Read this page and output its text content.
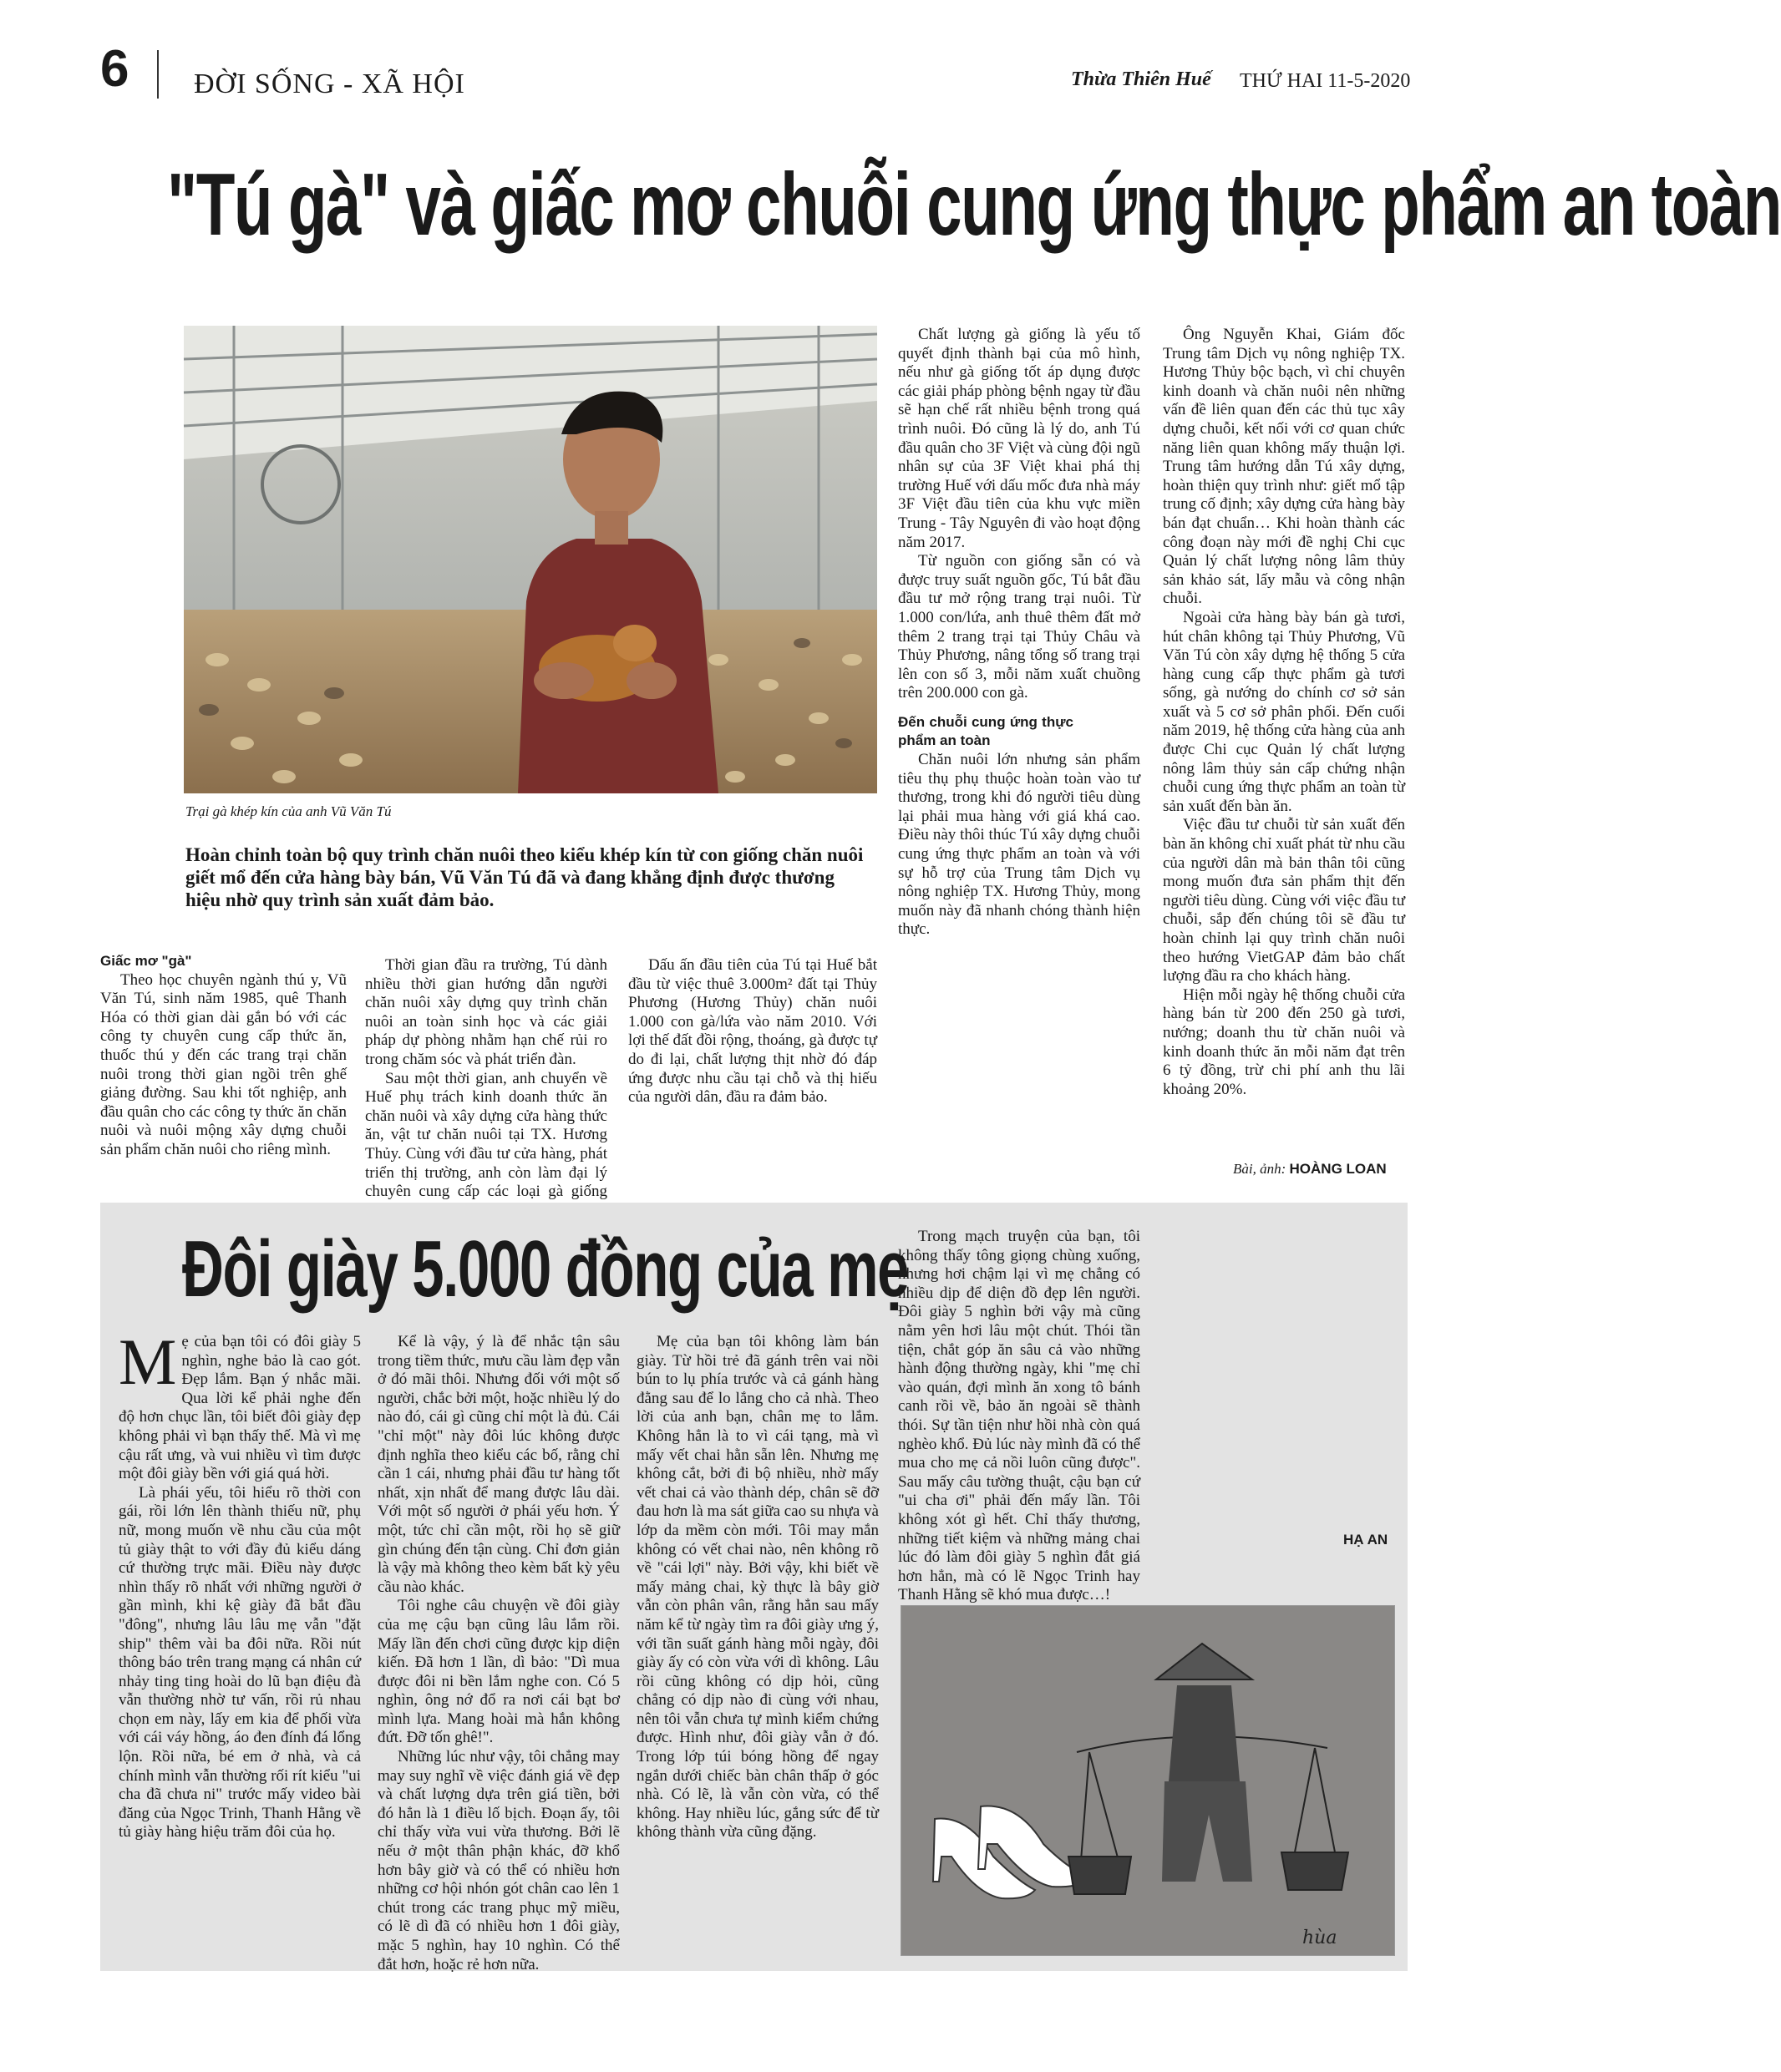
6 ĐỜI SỐNG - XÃ HỘI	Thừa Thiên Huế THỨ HAI 11-5-2020
"Tú gà" và giấc mơ chuỗi cung ứng thực phẩm an toàn
Trại gà khép kín của anh Vũ Văn Tú
Hoàn chỉnh toàn bộ quy trình chăn nuôi theo kiểu khép kín từ con giống chăn nuôi giết mổ đến cửa hàng bày bán, Vũ Văn Tú đã và đang khẳng định được thương hiệu nhờ quy trình sản xuất đảm bảo.

Giấc mơ "gà"

Theo học chuyên ngành thú y, Vũ Văn Tú, sinh năm 1985, quê Thanh Hóa có thời gian dài gắn bó với các công ty chuyên cung cấp thức ăn, thuốc thú y đến các trang trại chăn nuôi trong thời gian ngồi trên ghế giảng đường. Sau khi tốt nghiệp, anh đầu quân cho các công ty thức ăn chăn nuôi và nuôi mộng xây dựng chuỗi sản phẩm chăn nuôi cho riêng mình.

Thời gian đầu ra trường, Tú dành nhiều thời gian hướng dẫn người chăn nuôi xây dựng quy trình chăn nuôi an toàn sinh học và các giải pháp dự phòng nhằm hạn chế rủi ro trong chăm sóc và phát triển đàn.

Sau một thời gian, anh chuyển về Huế phụ trách kinh doanh thức ăn chăn nuôi và xây dựng cửa hàng thức ăn, vật tư chăn nuôi tại TX. Hương Thủy. Cùng với đầu tư cửa hàng, phát triển thị trường, anh còn làm đại lý chuyên cung cấp các loại gà giống

Dấu ấn đầu tiên của Tú tại Huế bắt đầu từ việc thuê 3.000m² đất tại Thủy Phương (Hương Thủy) chăn nuôi 1.000 con gà/lứa vào năm 2010. Với lợi thế đất đồi rộng, thoáng, gà được tự do đi lại, chất lượng thịt nhờ đó đáp ứng được nhu cầu tại chỗ và thị hiếu của người dân, đầu ra đảm bảo.

Chất lượng gà giống là yếu tố quyết định thành bại của mô hình, nếu như gà giống tốt áp dụng được các giải pháp phòng bệnh ngay từ đầu sẽ hạn chế rất nhiều bệnh trong quá trình nuôi. Đó cũng là lý do, anh Tú đầu quân cho 3F Việt và cùng đội ngũ nhân sự của 3F Việt khai phá thị trường Huế với dấu mốc đưa nhà máy 3F Việt đầu tiên của khu vực miền Trung - Tây Nguyên đi vào hoạt động năm 2017.

Từ nguồn con giống sẵn có và được truy suất nguồn gốc, Tú bắt đầu đầu tư mở rộng trang trại nuôi. Từ 1.000 con/lứa, anh thuê thêm đất mở thêm 2 trang trại tại Thủy Châu và Thủy Phương, nâng tổng số trang trại lên con số 3, mỗi năm xuất chuồng trên 200.000 con gà.

Đến chuỗi cung ứng thực phẩm an toàn

Chăn nuôi lớn nhưng sản phẩm tiêu thụ phụ thuộc hoàn toàn vào tư thương, trong khi đó người tiêu dùng lại phải mua hàng với giá khá cao. Điều này thôi thúc Tú xây dựng chuỗi cung ứng thực phẩm an toàn và với sự hỗ trợ của Trung tâm Dịch vụ nông nghiệp TX. Hương Thủy, mong muốn này đã nhanh chóng thành hiện thực.

Ông Nguyễn Khai, Giám đốc Trung tâm Dịch vụ nông nghiệp TX. Hương Thủy bộc bạch, vì chỉ chuyên kinh doanh và chăn nuôi nên những vấn đề liên quan đến các thủ tục xây dựng chuỗi, kết nối với cơ quan chức năng liên quan không mấy thuận lợi. Trung tâm hướng dẫn Tú xây dựng, hoàn thiện quy trình như: giết mổ tập trung cố định; xây dựng cửa hàng bày bán đạt chuẩn… Khi hoàn thành các công đoạn này mới đề nghị Chi cục Quản lý chất lượng nông lâm thủy sản khảo sát, lấy mẫu và công nhận chuỗi.

Ngoài cửa hàng bày bán gà tươi, hút chân không tại Thủy Phương, Vũ Văn Tú còn xây dựng hệ thống 5 cửa hàng cung cấp thực phẩm gà tươi sống, gà nướng do chính cơ sở sản xuất và 5 cơ sở phân phối. Đến cuối năm 2019, hệ thống cửa hàng của anh được Chi cục Quản lý chất lượng nông lâm thủy sản cấp chứng nhận chuỗi cung ứng thực phẩm an toàn từ sản xuất đến bàn ăn.

Việc đầu tư chuỗi từ sản xuất đến bàn ăn không chỉ xuất phát từ nhu cầu của người dân mà bản thân tôi cũng mong muốn đưa sản phẩm thịt đến người tiêu dùng. Cùng với việc đầu tư chuỗi, sắp đến chúng tôi sẽ đầu tư hoàn chỉnh lại quy trình chăn nuôi theo hướng VietGAP đảm bảo chất lượng đầu ra cho khách hàng.

Hiện mỗi ngày hệ thống chuỗi cửa hàng bán từ 200 đến 250 gà tươi, nướng; doanh thu từ chăn nuôi và kinh doanh thức ăn mỗi năm đạt trên 6 tỷ đồng, trừ chi phí anh thu lãi khoảng 20%.

Bài, ảnh: HOÀNG LOAN
Đôi giày 5.000 đồng của mẹ

Mẹ của bạn tôi có đôi giày 5 nghìn, nghe bảo là cao gót. Đẹp lắm. Bạn ý nhắc mãi. Qua lời kể phải nghe đến độ hơn chục lần, tôi biết đôi giày đẹp không phải vì bạn thấy thế. Mà vì mẹ cậu rất ưng, và vui nhiều vì tìm được một đôi giày bền với giá quá hời.

Là phái yếu, tôi hiểu rõ thời con gái, rồi lớn lên thành thiếu nữ, phụ nữ, mong muốn về nhu cầu của một tủ giày thật to với đầy đủ kiểu dáng cứ thường trực mãi. Điều này được nhìn thấy rõ nhất với những người ở gần mình, khi kệ giày đã bắt đầu "đông", nhưng lâu lâu mẹ vẫn "đặt ship" thêm vài ba đôi nữa. Rồi nút thông báo trên trang mạng cá nhân cứ nhảy ting ting hoài do lũ bạn điệu đà vẫn thường nhờ tư vấn, rồi rủ nhau chọn em này, lấy em kia để phối vừa với cái váy hồng, áo đen đính đá lổng lộn. Rồi nữa, bé em ở nhà, và cả chính mình vẫn thường rối rít kiểu "ui cha đã chưa ni" trước mấy video bài đăng của Ngọc Trinh, Thanh Hằng về tủ giày hàng hiệu trăm đôi của họ.

Kể là vậy, ý là để nhắc tận sâu trong tiềm thức, mưu cầu làm đẹp vẫn ở đó mãi thôi. Nhưng đối với một số người, chắc bởi một, hoặc nhiều lý do nào đó, cái gì cũng chỉ một là đủ. Cái "chỉ một" này đôi lúc không được định nghĩa theo kiểu các bố, rằng chỉ cần 1 cái, nhưng phải đầu tư hàng tốt nhất, xịn nhất để mang được lâu dài. Với một số người ở phái yếu hơn. Ý một, tức chỉ cần một, rồi họ sẽ giữ gìn chúng đến tận cùng. Chỉ đơn giản là vậy mà không theo kèm bất kỳ yêu cầu nào khác.

Tôi nghe câu chuyện về đôi giày của mẹ cậu bạn cũng lâu lắm rồi. Mấy lần đến chơi cũng được kịp diện kiến. Đã hơn 1 lần, dì bảo: "Dì mua được đôi ni bền lắm nghe con. Có 5 nghìn, ông nớ đổ ra nơi cái bạt bơ mình lựa. Mang hoài mà hắn không đứt. Đỡ tốn ghê!".

Những lúc như vậy, tôi chẳng may may suy nghĩ về việc đánh giá về đẹp và chất lượng dựa trên giá tiền, bởi đó hẳn là 1 điều lố bịch. Đoạn ấy, tôi chỉ thấy vừa vui vừa thương. Bởi lẽ nếu ở một thân phận khác, đỡ khổ hơn bây giờ và có thể có nhiều hơn những cơ hội nhón gót chân cao lên 1 chút trong các trang phục mỹ miều, có lẽ dì đã có nhiều hơn 1 đôi giày, mặc 5 nghìn, hay 10 nghìn. Có thể đắt hơn, hoặc rẻ hơn nữa.

Mẹ của bạn tôi không làm bán giày. Từ hồi trẻ đã gánh trên vai nồi bún to lụ phía trước và cả gánh hàng đằng sau để lo lắng cho cả nhà. Theo lời của anh bạn, chân mẹ to lắm. Không hẳn là to vì cái tạng, mà vì mấy vết chai hằn sẵn lên. Nhưng mẹ không cắt, bởi đi bộ nhiều, nhờ mấy vết chai cả vào thành dép, chân sẽ đỡ đau hơn là ma sát giữa cao su nhựa và lớp da mềm còn mới. Tôi may mắn không có vết chai nào, nên không rõ về "cái lợi" này. Bởi vậy, khi biết về mấy mảng chai, kỳ thực là bây giờ vẫn còn phân vân, rằng hẳn sau mấy năm kể từ ngày tìm ra đôi giày ưng ý, với tần suất gánh hàng mỗi ngày, đôi giày ấy có còn vừa với dì không. Lâu rồi cũng không có dịp hỏi, cũng chẳng có dịp nào đi cùng với nhau, nên tôi vẫn chưa tự mình kiểm chứng được. Hình như, đôi giày vẫn ở đó. Trong lớp túi bóng hồng để ngay ngắn dưới chiếc bàn chân thấp ở góc nhà. Có lẽ, là vẫn còn vừa, có thể không. Hay nhiều lúc, gắng sức để từ không thành vừa cũng đặng.

Trong mạch truyện của bạn, tôi không thấy tông giọng chùng xuống, nhưng hơi chậm lại vì mẹ chẳng có nhiều dịp để diện đồ đẹp lên người. Đôi giày 5 nghìn bởi vậy mà cũng nằm yên hơi lâu một chút. Thói tần tiện, chắt góp ăn sâu cả vào những hành động thường ngày, khi "mẹ chỉ vào quán, đợi mình ăn xong tô bánh canh rồi về, bảo ăn ngoài sẽ thành thói. Sự tần tiện như hồi nhà còn quá nghèo khổ. Đủ lúc này mình đã có thể mua cho mẹ cả nồi luôn cũng được". Sau mấy câu tường thuật, cậu bạn cứ "ui cha ơi" phải đến mấy lần. Tôi không xót gì hết. Chỉ thấy thương, những tiết kiệm và những mảng chai lúc đó làm đôi giày 5 nghìn đắt giá hơn hẳn, mà có lẽ Ngọc Trinh hay Thanh Hằng sẽ khó mua được…!

HẠ AN
hùa
